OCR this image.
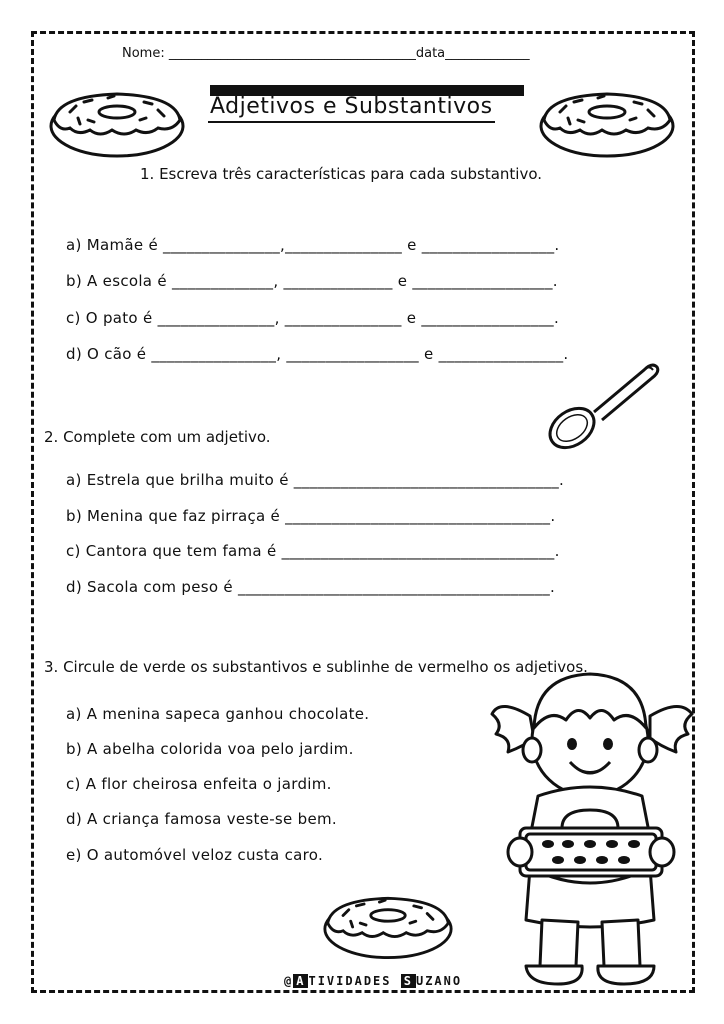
Nome: ______________________________________data_____________
Adjetivos e Substantivos
1. Escreva três características para cada substantivo.
a) Mamãe é _______________,_______________ e _________________.
b) A escola é _____________, ______________ e __________________.
c) O pato é _______________, _______________ e _________________.
d) O cão é ________________, _________________ e ________________.
2. Complete com um adjetivo.
a) Estrela que brilha muito é __________________________________.
b) Menina que faz pirraça é __________________________________.
c) Cantora que tem fama é ___________________________________.
d) Sacola com peso é ________________________________________.
3. Circule de verde os substantivos e sublinhe de vermelho os adjetivos.
a) A menina sapeca ganhou chocolate.
b) A abelha colorida voa pelo jardim.
c) A flor cheirosa enfeita o jardim.
d) A criança famosa veste-se bem.
e) O automóvel veloz custa caro.
@ A TIVIDADES S UZANO
